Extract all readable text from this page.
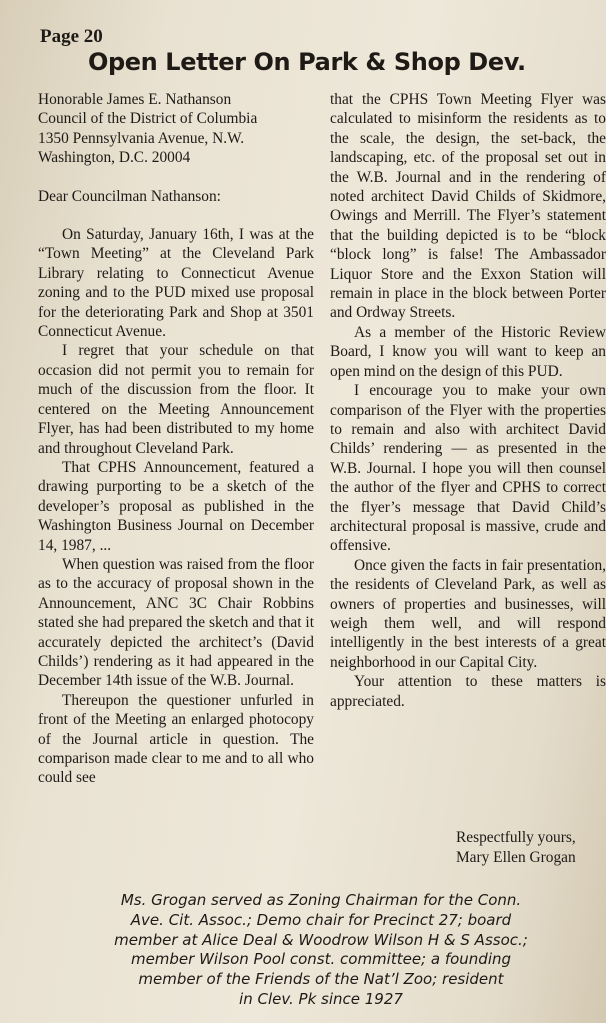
Page 20
Open Letter On Park & Shop Dev.
Honorable James E. Nathanson
Council of the District of Columbia
1350 Pennsylvania Avenue, N.W.
Washington, D.C. 20004

Dear Councilman Nathanson:

On Saturday, January 16th, I was at the “Town Meeting” at the Cleveland Park Library relating to Connecticut Avenue zoning and to the PUD mixed use proposal for the deteriorating Park and Shop at 3501 Connecticut Avenue.

I regret that your schedule on that occasion did not permit you to remain for much of the discussion from the floor. It centered on the Meeting Announcement Flyer, has had been distributed to my home and throughout Cleveland Park.

That CPHS Announcement, featured a drawing purporting to be a sketch of the developer’s proposal as published in the Washington Business Journal on December 14, 1987, ...

When question was raised from the floor as to the accuracy of proposal shown in the Announcement, ANC 3C Chair Robbins stated she had prepared the sketch and that it accurately depicted the architect’s (David Childs’) rendering as it had appeared in the December 14th issue of the W.B. Journal.

Thereupon the questioner unfurled in front of the Meeting an enlarged photocopy of the Journal article in question. The comparison made clear to me and to all who could see

that the CPHS Town Meeting Flyer was calculated to misinform the residents as to the scale, the design, the set-back, the landscaping, etc. of the proposal set out in the W.B. Journal and in the rendering of noted architect David Childs of Skidmore, Owings and Merrill. The Flyer’s statement that the building depicted is to be “block “block long” is false! The Ambassador Liquor Store and the Exxon Station will remain in place in the block between Porter and Ordway Streets.

As a member of the Historic Review Board, I know you will want to keep an open mind on the design of this PUD.

I encourage you to make your own comparison of the Flyer with the properties to remain and also with architect David Childs’ rendering — as presented in the W.B. Journal. I hope you will then counsel the author of the flyer and CPHS to correct the flyer’s message that David Child’s architectural proposal is massive, crude and offensive.

Once given the facts in fair presentation, the residents of Cleveland Park, as well as owners of properties and businesses, will weigh them well, and will respond intelligently in the best interests of a great neighborhood in our Capital City.

Your attention to these matters is appreciated.

Respectfully yours,
Mary Ellen Grogan
Ms. Grogan served as Zoning Chairman for the Conn.
Ave. Cit. Assoc.; Demo chair for Precinct 27; board
member at Alice Deal & Woodrow Wilson H & S Assoc.;
member Wilson Pool const. committee; a founding
member of the Friends of the Nat’l Zoo; resident
in Clev. Pk since 1927
